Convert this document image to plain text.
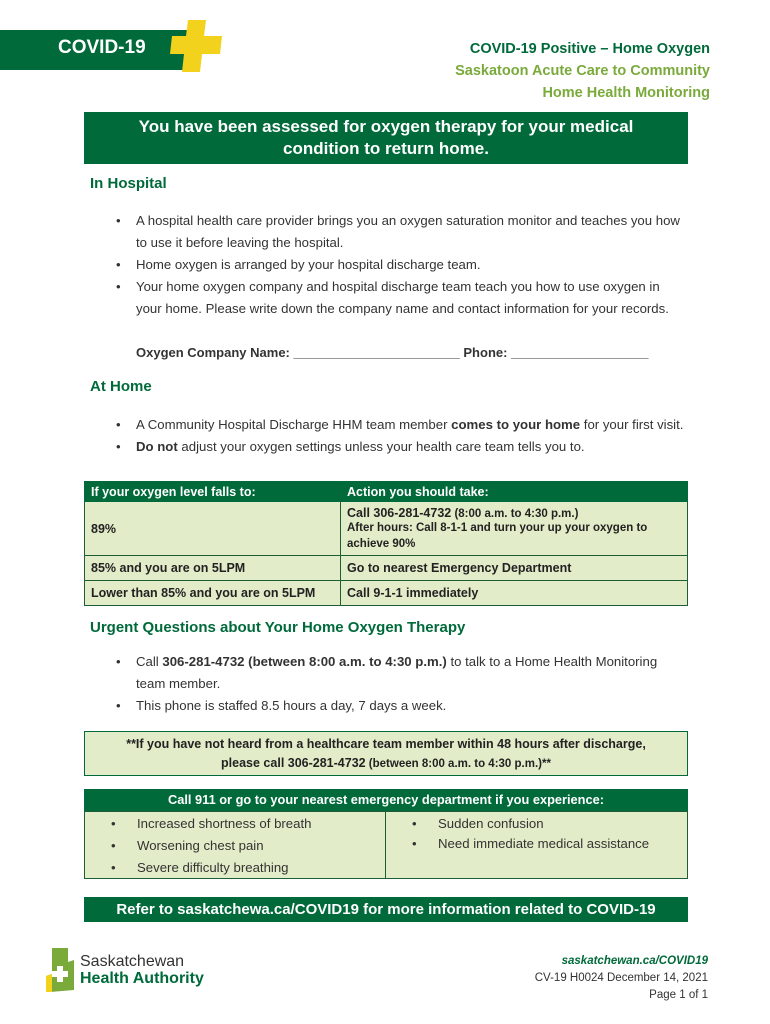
COVID-19	COVID-19 Positive – Home Oxygen
Saskatoon Acute Care to Community
Home Health Monitoring
You have been assessed for oxygen therapy for your medical
condition to return home.
In Hospital
• A hospital health care provider brings you an oxygen saturation monitor and teaches you how to use it before leaving the hospital.
• Home oxygen is arranged by your hospital discharge team.
• Your home oxygen company and hospital discharge team teach you how to use oxygen in your home. Please write down the company name and contact information for your records.
Oxygen Company Name: _______________________ Phone: ___________________
At Home
• A Community Hospital Discharge HHM team member comes to your home for your first visit.
• Do not adjust your oxygen settings unless your health care team tells you to.
If your oxygen level falls to:	Action you should take:
89%	Call 306-281-4732 (8:00 a.m. to 4:30 p.m.)
After hours: Call 8-1-1 and turn your up your oxygen to achieve 90%

85% and you are on 5LPM	Go to nearest Emergency Department
Lower than 85% and you are on 5LPM	Call 9-1-1 immediately
Urgent Questions about Your Home Oxygen Therapy
• Call 306-281-4732 (between 8:00 a.m. to 4:30 p.m.) to talk to a Home Health Monitoring team member.
• This phone is staffed 8.5 hours a day, 7 days a week.
**If you have not heard from a healthcare team member within 48 hours after discharge,
please call 306-281-4732 (between 8:00 a.m. to 4:30 p.m.)**
Call 911 or go to your nearest emergency department if you experience:
• Increased shortness of breath
• Worsening chest pain
• Severe difficulty breathing
• Sudden confusion
• Need immediate medical assistance
Refer to saskatchewa.ca/COVID19 for more information related to COVID-19
Saskatchewan
Health Authority
saskatchewan.ca/COVID19
CV-19 H0024 December 14, 2021
Page 1 of 1
